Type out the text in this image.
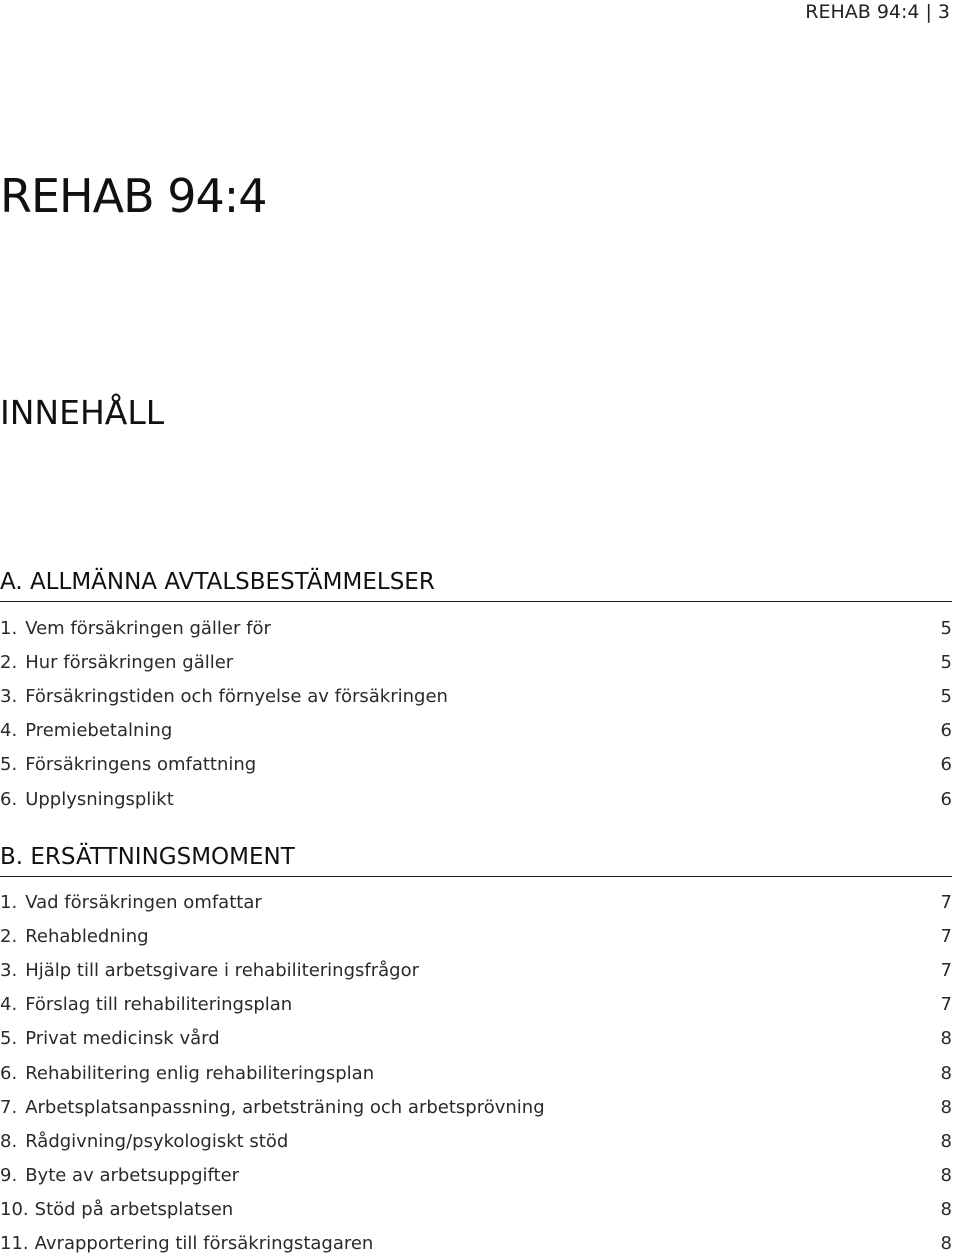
REHAB 94:4 | 3
REHAB 94:4
INNEHÅLL
A. ALLMÄNNA AVTALSBESTÄMMELSER
1. Vem försäkringen gäller för	5
2. Hur försäkringen gäller	5
3. Försäkringstiden och förnyelse av försäkringen	5
4. Premiebetalning	6
5. Försäkringens omfattning	6
6. Upplysningsplikt	6
B. ERSÄTTNINGSMOMENT
1. Vad försäkringen omfattar	7
2. Rehabledning	7
3. Hjälp till arbetsgivare i rehabiliteringsfrågor	7
4. Förslag till rehabiliteringsplan	7
5. Privat medicinsk vård	8
6. Rehabilitering enlig rehabiliteringsplan	8
7. Arbetsplatsanpassning, arbetsträning och arbetsprövning	8
8. Rådgivning/psykologiskt stöd	8
9. Byte av arbetsuppgifter	8
10. Stöd på arbetsplatsen	8
11. Avrapportering till försäkringstagaren	8
